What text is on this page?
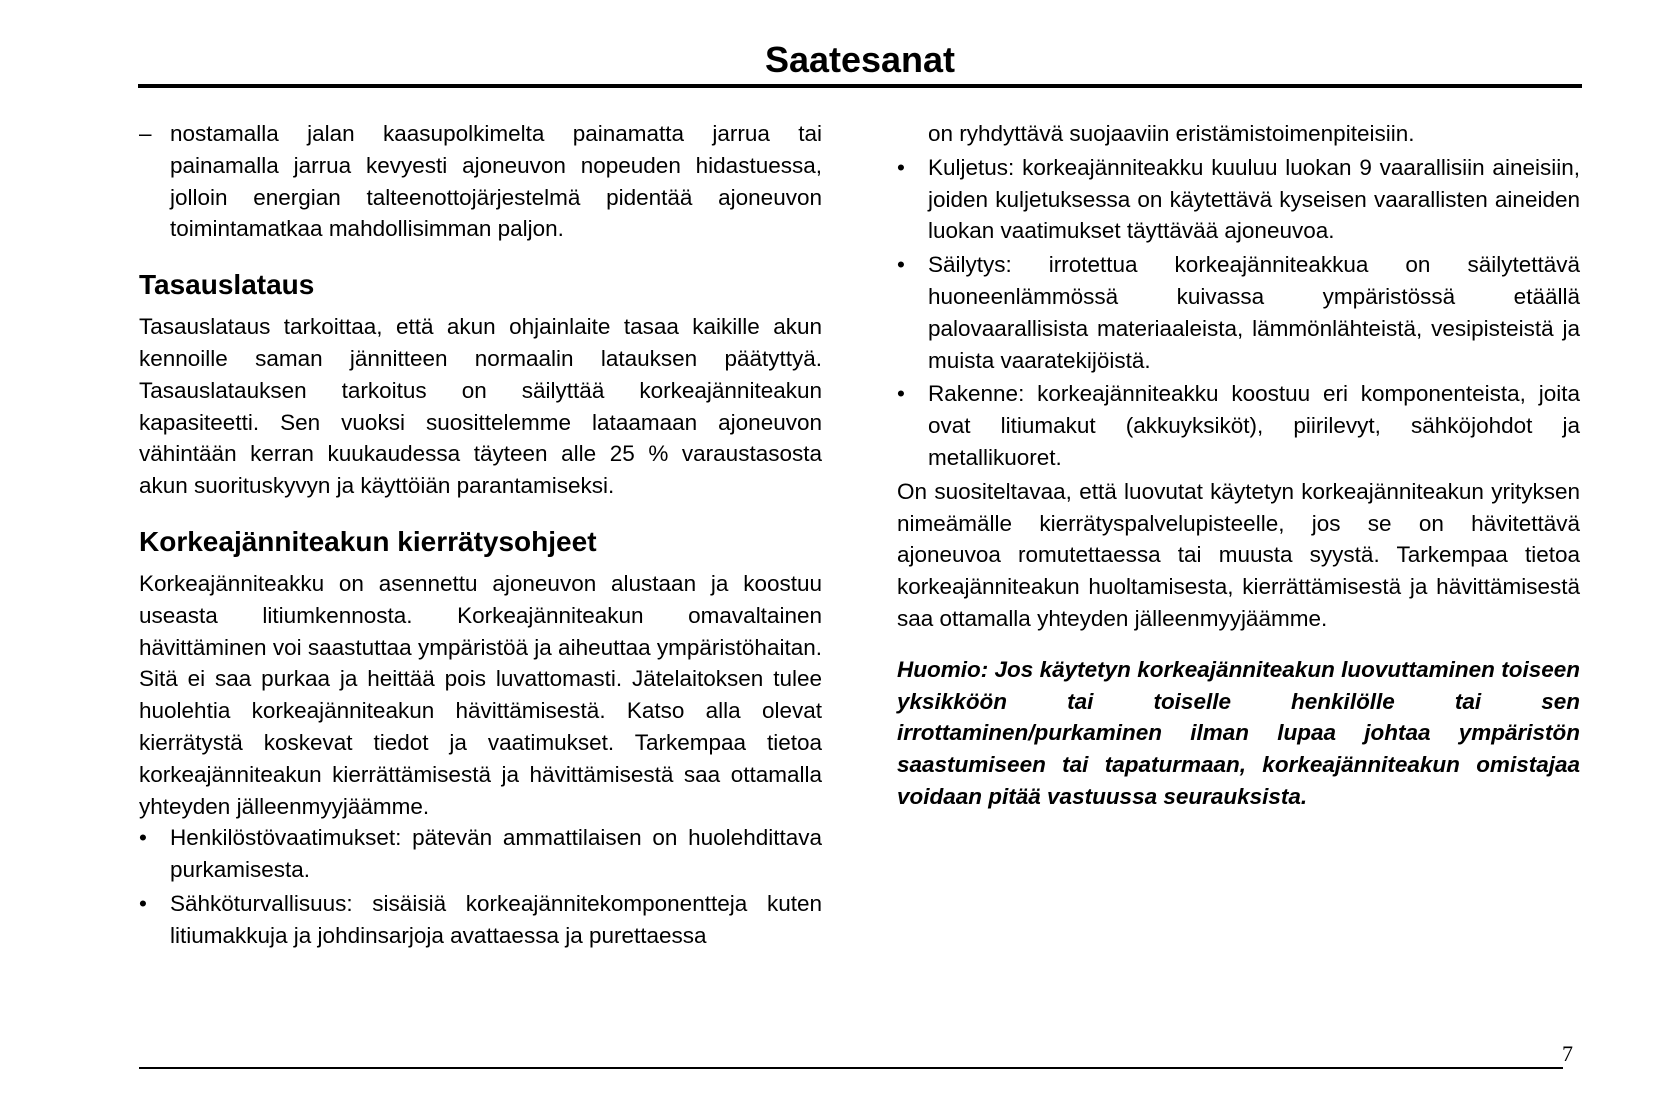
Saatesanat

– nostamalla jalan kaasupolkimelta painamatta jarrua tai painamalla jarrua kevyesti ajoneuvon nopeuden hidastuessa, jolloin energian talteenottojärjestelmä pidentää ajoneuvon toimintamatkaa mahdollisimman paljon.

Tasauslataus

Tasauslataus tarkoittaa, että akun ohjainlaite tasaa kaikille akun kennoille saman jännitteen normaalin latauksen päätyttyä. Tasauslatauksen tarkoitus on säilyttää korkeajänniteakun kapasiteetti. Sen vuoksi suosittelemme lataamaan ajoneuvon vähintään kerran kuukaudessa täyteen alle 25 % varaustasosta akun suorituskyvyn ja käyttöiän parantamiseksi.

Korkeajänniteakun kierrätysohjeet

Korkeajänniteakku on asennettu ajoneuvon alustaan ja koostuu useasta litiumkennosta. Korkeajänniteakun omavaltainen hävittäminen voi saastuttaa ympäristöä ja aiheuttaa ympäristöhaitan. Sitä ei saa purkaa ja heittää pois luvattomasti. Jätelaitoksen tulee huolehtia korkeajänniteakun hävittämisestä. Katso alla olevat kierrätystä koskevat tiedot ja vaatimukset. Tarkempaa tietoa korkeajänniteakun kierrättämisestä ja hävittämisestä saa ottamalla yhteyden jälleenmyyjäämme.

•	Henkilöstövaatimukset: pätevän ammattilaisen on huolehdittava purkamisesta.
•	Sähköturvallisuus: sisäisiä korkeajännitekomponentteja kuten litiumakkuja ja johdinsarjoja avattaessa ja purettaessa

on ryhdyttävä suojaaviin eristämistoimenpiteisiin.

•	Kuljetus: korkeajänniteakku kuuluu luokan 9 vaarallisiin aineisiin, joiden kuljetuksessa on käytettävä kyseisen vaarallisten aineiden luokan vaatimukset täyttävää ajoneuvoa.
•	Säilytys: irrotettua korkeajänniteakkua on säilytettävä huoneenlämmössä kuivassa ympäristössä etäällä palovaarallisista materiaaleista, lämmönlähteistä, vesipisteistä ja muista vaaratekijöistä.
•	Rakenne: korkeajänniteakku koostuu eri komponenteista, joita ovat litiumakut (akkuyksiköt), piirilevyt, sähköjohdot ja metallikuoret.

On suositeltavaa, että luovutat käytetyn korkeajänniteakun yrityksen nimeämälle kierrätyspalvelupisteelle, jos se on hävitettävä ajoneuvoa romutettaessa tai muusta syystä. Tarkempaa tietoa korkeajänniteakun huoltamisesta, kierrättämisestä ja hävittämisestä saa ottamalla yhteyden jälleenmyyjäämme.

Huomio: Jos käytetyn korkeajänniteakun luovuttaminen toiseen yksikköön tai toiselle henkilölle tai sen irrottaminen/purkaminen ilman lupaa johtaa ympäristön saastumiseen tai tapaturmaan, korkeajänniteakun omistajaa voidaan pitää vastuussa seurauksista.

7
